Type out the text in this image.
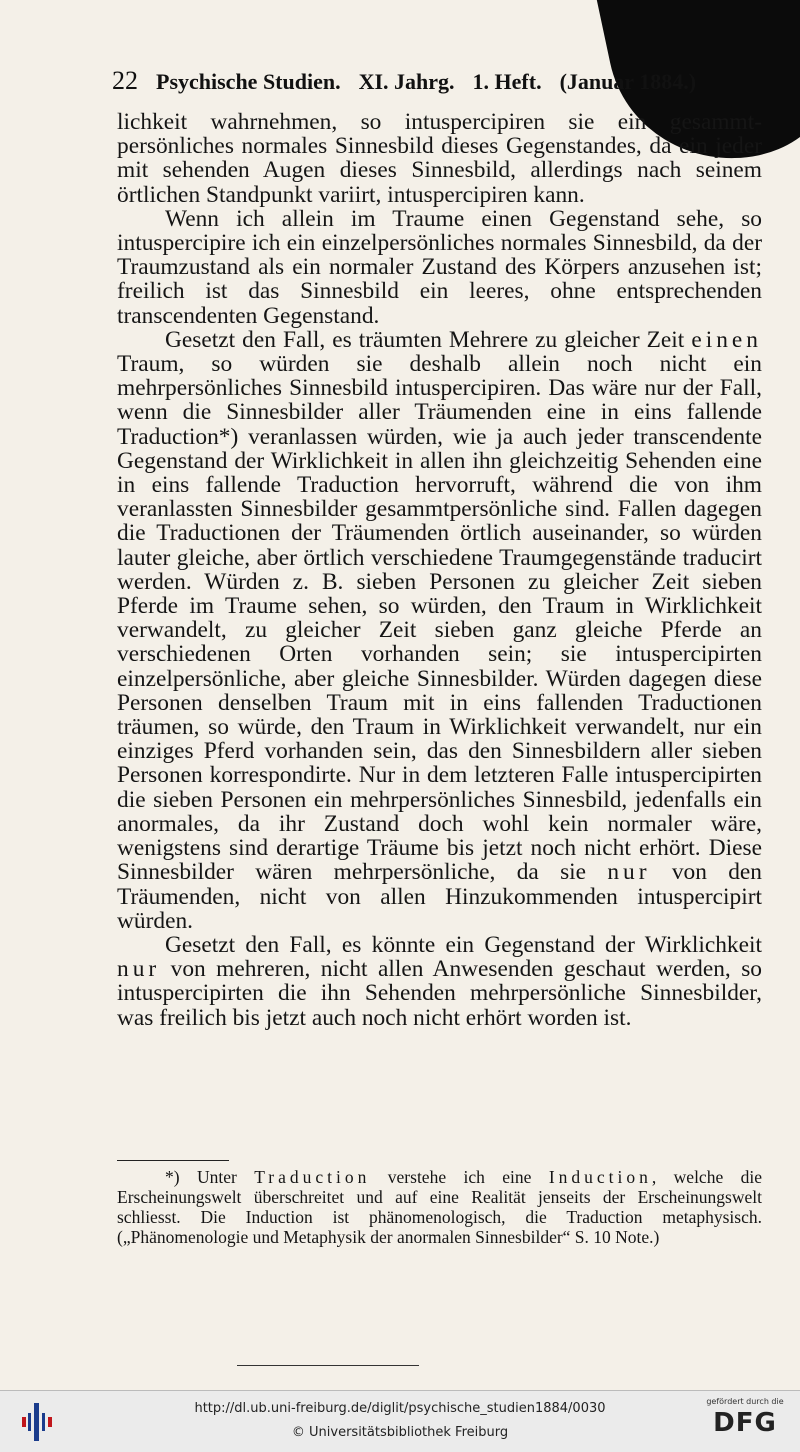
22 Psychische Studien. XI. Jahrg. 1. Heft. (Januar 1884.)

lichkeit wahrnehmen, so intuspercipiren sie ein gesammt-persönliches normales Sinnesbild dieses Gegenstandes, da ein jeder mit sehenden Augen dieses Sinnesbild, allerdings nach seinem örtlichen Standpunkt variirt, intuspercipiren kann.

Wenn ich allein im Traume einen Gegenstand sehe, so intuspercipire ich ein einzelpersönliches normales Sinnesbild, da der Traumzustand als ein normaler Zustand des Körpers anzusehen ist; freilich ist das Sinnesbild ein leeres, ohne entsprechenden transcendenten Gegenstand.

Gesetzt den Fall, es träumten Mehrere zu gleicher Zeit einen Traum, so würden sie deshalb allein noch nicht ein mehrpersönliches Sinnesbild intuspercipiren. Das wäre nur der Fall, wenn die Sinnesbilder aller Träumenden eine in eins fallende Traduction*) veranlassen würden, wie ja auch jeder transcendente Gegenstand der Wirklichkeit in allen ihn gleichzeitig Sehenden eine in eins fallende Traduction hervorruft, während die von ihm veranlassten Sinnesbilder gesammtpersönliche sind. Fallen dagegen die Traductionen der Träumenden örtlich auseinander, so würden lauter gleiche, aber örtlich verschiedene Traumgegenstände traducirt werden. Würden z. B. sieben Personen zu gleicher Zeit sieben Pferde im Traume sehen, so würden, den Traum in Wirklichkeit verwandelt, zu gleicher Zeit sieben ganz gleiche Pferde an verschiedenen Orten vorhanden sein; sie intuspercipirten einzelpersönliche, aber gleiche Sinnesbilder. Würden dagegen diese Personen denselben Traum mit in eins fallenden Traductionen träumen, so würde, den Traum in Wirklichkeit verwandelt, nur ein einziges Pferd vorhanden sein, das den Sinnesbildern aller sieben Personen korrespondirte. Nur in dem letzteren Falle intuspercipirten die sieben Personen ein mehrpersönliches Sinnesbild, jedenfalls ein anormales, da ihr Zustand doch wohl kein normaler wäre, wenigstens sind derartige Träume bis jetzt noch nicht erhört. Diese Sinnesbilder wären mehrpersönliche, da sie nur von den Träumenden, nicht von allen Hinzukommenden intuspercipirt würden.

Gesetzt den Fall, es könnte ein Gegenstand der Wirklichkeit nur von mehreren, nicht allen Anwesenden geschaut werden, so intuspercipirten die ihn Sehenden mehrpersönliche Sinnesbilder, was freilich bis jetzt auch noch nicht erhört worden ist.

*) Unter Traduction verstehe ich eine Induction, welche die Erscheinungswelt überschreitet und auf eine Realität jenseits der Erscheinungswelt schliesst. Die Induction ist phänomenologisch, die Traduction metaphysisch. („Phänomenologie und Metaphysik der anormalen Sinnesbilder“ S. 10 Note.)

http://dl.ub.uni-freiburg.de/diglit/psychische_studien1884/0030
© Universitätsbibliothek Freiburg
gefördert durch die
DFG
